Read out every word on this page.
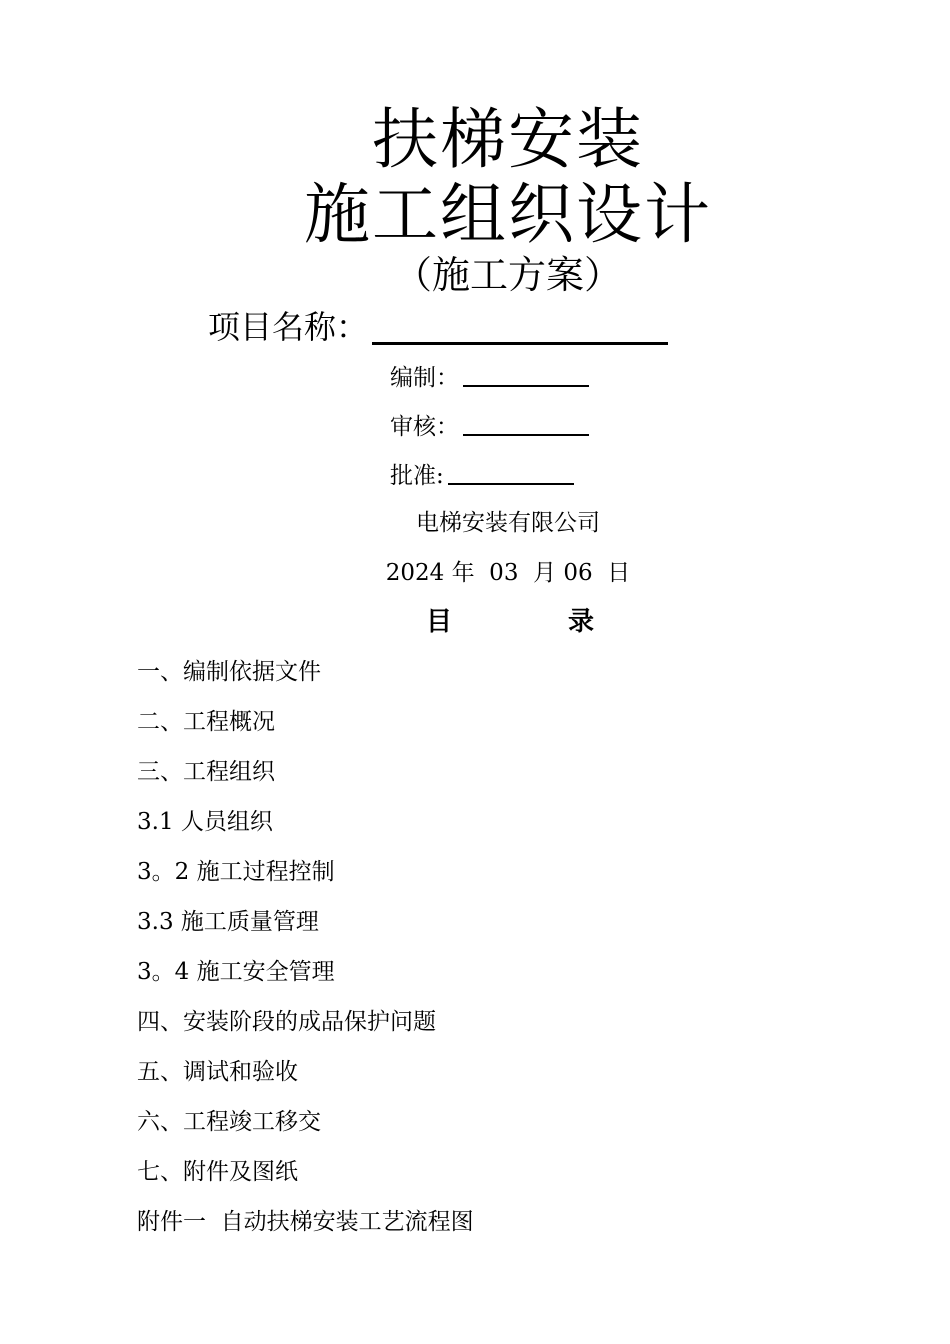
扶梯安装
施工组织设计
（施工方案）
项目名称：
编制：
审核：
批准:
电梯安装有限公司
2024 年  03  月 06  日
目	录
一、编制依据文件
二、工程概况
三、工程组织
3.1 人员组织
3。2 施工过程控制
3.3 施工质量管理
3。4 施工安全管理
四、安装阶段的成品保护问题
五、调试和验收
六、工程竣工移交
七、附件及图纸
附件一  自动扶梯安装工艺流程图
